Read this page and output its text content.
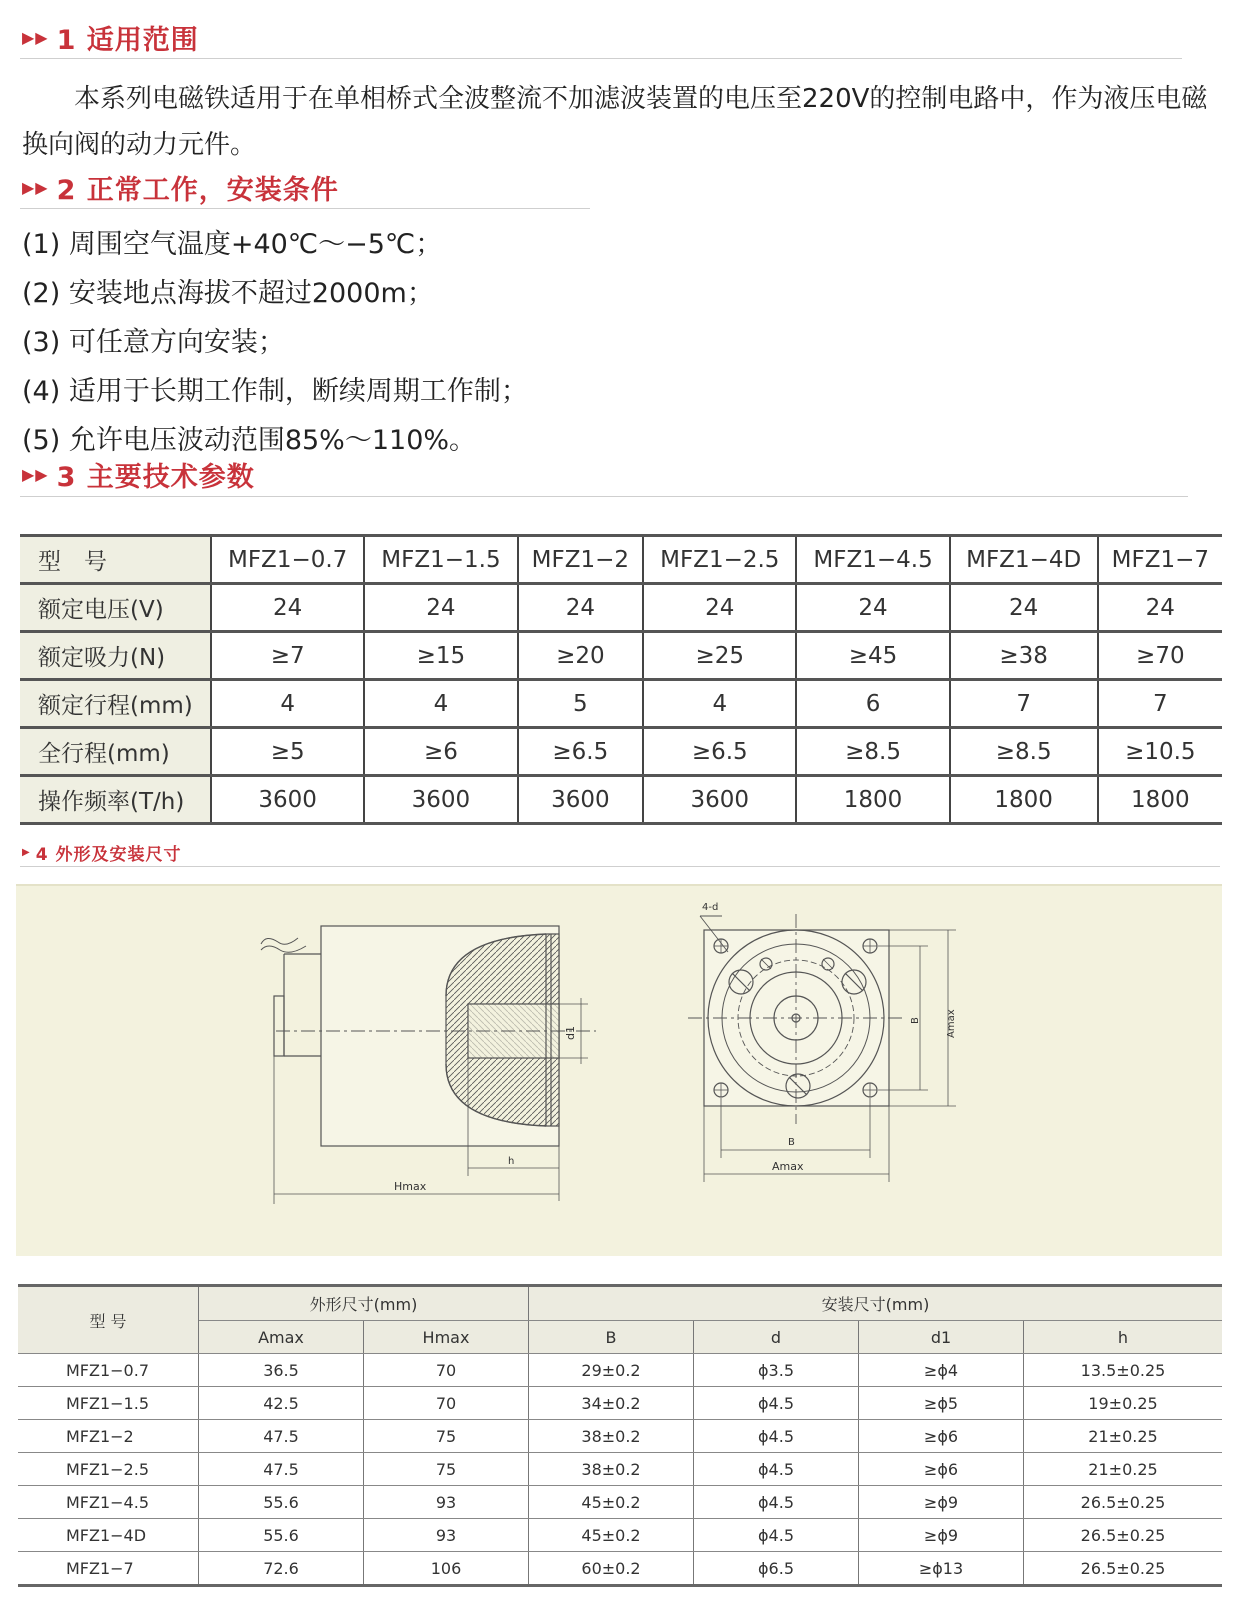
▶▶ 1 适用范围
　　本系列电磁铁适用于在单相桥式全波整流不加滤波装置的电压至220V的控制电路中，作为液压电磁换向阀的动力元件。
▶▶ 2 正常工作，安装条件
(1) 周围空气温度+40℃～−5℃；
(2) 安装地点海拔不超过2000m；
(3) 可任意方向安装；
(4) 适用于长期工作制，断续周期工作制；
(5) 允许电压波动范围85%～110%。
▶▶ 3 主要技术参数
型　号	MFZ1−0.7	MFZ1−1.5	MFZ1−2	MFZ1−2.5	MFZ1−4.5	MFZ1−4D	MFZ1−7
额定电压(V)	24	24	24	24	24	24	24
额定吸力(N)	≥7	≥15	≥20	≥25	≥45	≥38	≥70
额定行程(mm)	4	4	5	4	6	7	7
全行程(mm)	≥5	≥6	≥6.5	≥6.5	≥8.5	≥8.5	≥10.5
操作频率(T/h)	3600	3600	3600	3600	1800	1800	1800
▶ 4 外形及安装尺寸
d1
h
Hmax
4-d
B	Amax
B
Amax
型 号	外形尺寸(mm)		安装尺寸(mm)			
	Amax	Hmax	B	d	d1	h
MFZ1−0.7	36.5	70	29±0.2	ϕ3.5	≥ϕ4	13.5±0.25
MFZ1−1.5	42.5	70	34±0.2	ϕ4.5	≥ϕ5	19±0.25
MFZ1−2	47.5	75	38±0.2	ϕ4.5	≥ϕ6	21±0.25
MFZ1−2.5	47.5	75	38±0.2	ϕ4.5	≥ϕ6	21±0.25
MFZ1−4.5	55.6	93	45±0.2	ϕ4.5	≥ϕ9	26.5±0.25
MFZ1−4D	55.6	93	45±0.2	ϕ4.5	≥ϕ9	26.5±0.25
MFZ1−7	72.6	106	60±0.2	ϕ6.5	≥ϕ13	26.5±0.25
